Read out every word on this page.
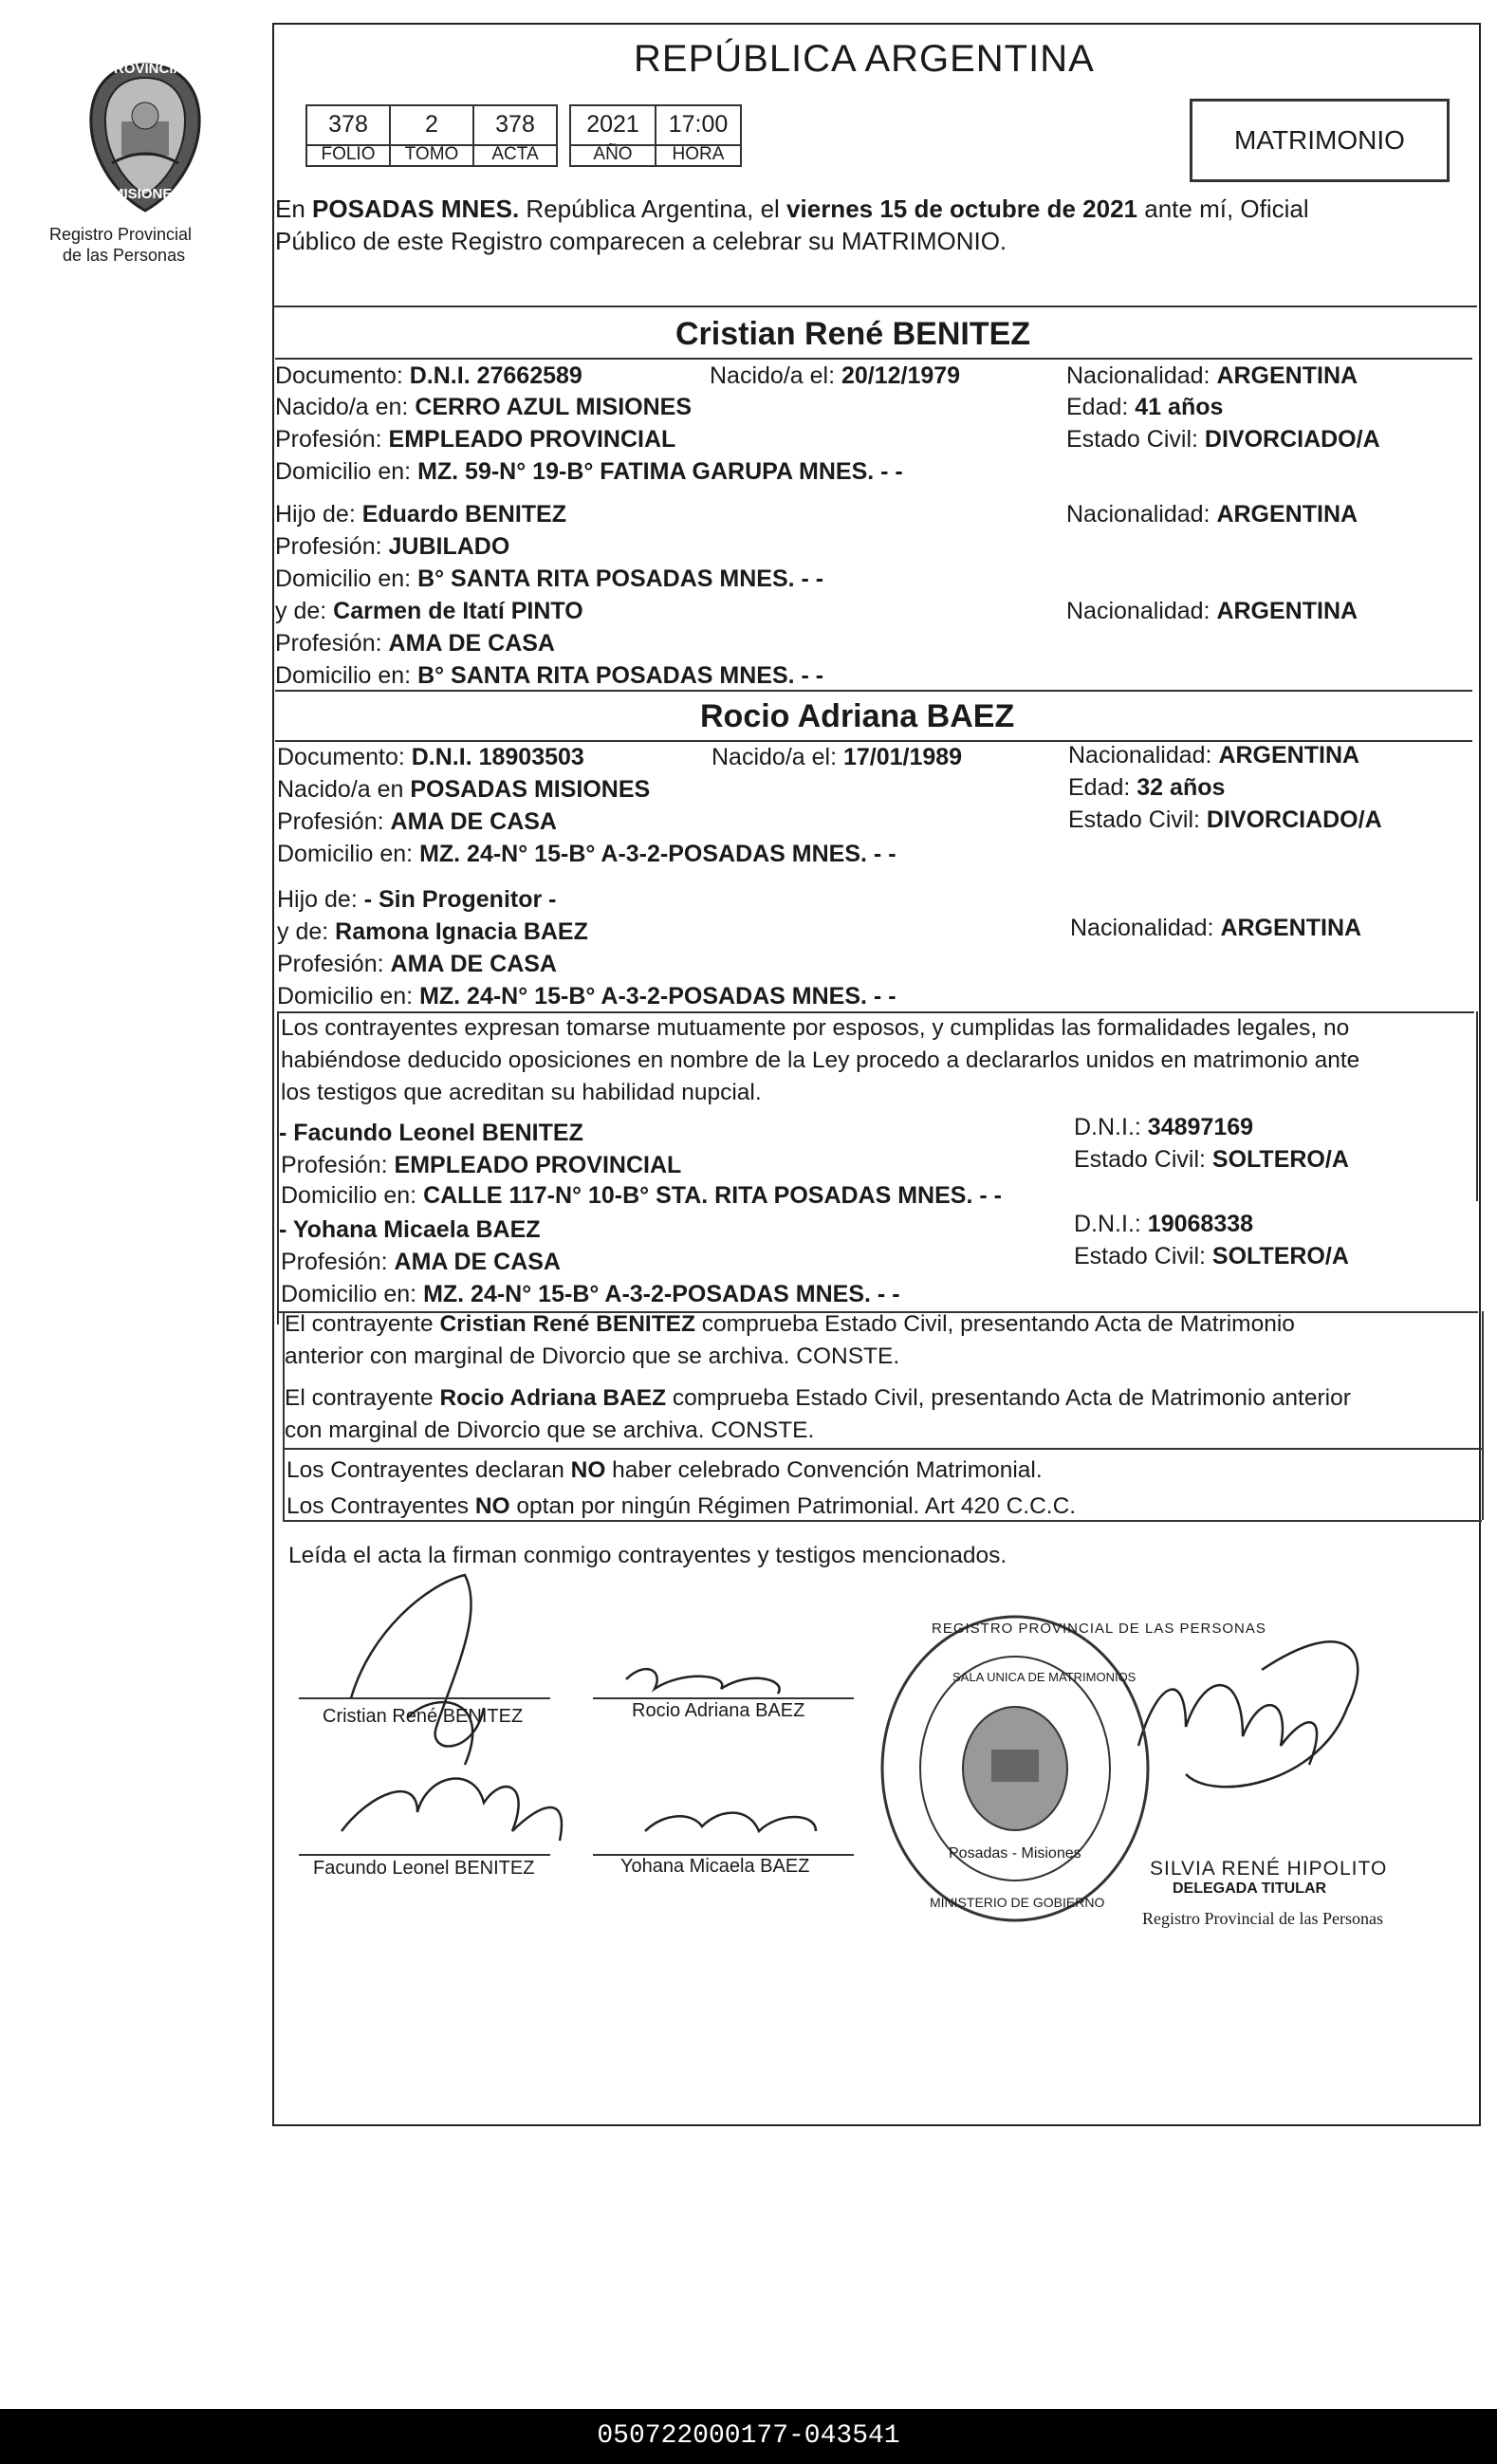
PROVINCIA DE
MISIONES
Registro Provincial
de las Personas
REPÚBLICA ARGENTINA
378	2	378	2021	17:00
FOLIO	TOMO	ACTA	AÑO	HORA	MATRIMONIO
En POSADAS MNES. República Argentina, el viernes 15 de octubre de 2021 ante mí, Oficial
Público de este Registro comparecen a celebrar su MATRIMONIO.
Cristian René BENITEZ
Documento: D.N.I. 27662589	Nacido/a el: 20/12/1979	Nacionalidad: ARGENTINA
Nacido/a en: CERRO AZUL MISIONES	Edad: 41 años
Profesión: EMPLEADO PROVINCIAL	Estado Civil: DIVORCIADO/A
Domicilio en: MZ. 59-N° 19-B° FATIMA GARUPA MNES. - -
Hijo de: Eduardo BENITEZ	Nacionalidad: ARGENTINA
Profesión: JUBILADO
Domicilio en: B° SANTA RITA POSADAS MNES. - -
y de: Carmen de Itatí PINTO	Nacionalidad: ARGENTINA
Profesión: AMA DE CASA
Domicilio en: B° SANTA RITA POSADAS MNES. - -
Rocio Adriana BAEZ
Documento: D.N.I. 18903503	Nacido/a el: 17/01/1989	Nacionalidad: ARGENTINA
Nacido/a en POSADAS MISIONES	Edad: 32 años
Profesión: AMA DE CASA	Estado Civil: DIVORCIADO/A
Domicilio en: MZ. 24-N° 15-B° A-3-2-POSADAS MNES. - -
Hijo de: - Sin Progenitor -
y de: Ramona Ignacia BAEZ	Nacionalidad: ARGENTINA
Profesión: AMA DE CASA
Domicilio en: MZ. 24-N° 15-B° A-3-2-POSADAS MNES. - -
Los contrayentes expresan tomarse mutuamente por esposos, y cumplidas las formalidades legales, no
habiéndose deducido oposiciones en nombre de la Ley procedo a declararlos unidos en matrimonio ante
los testigos que acreditan su habilidad nupcial.
- Facundo Leonel BENITEZ	D.N.I.: 34897169
Profesión: EMPLEADO PROVINCIAL	Estado Civil: SOLTERO/A
Domicilio en: CALLE 117-N° 10-B° STA. RITA POSADAS MNES. - -
- Yohana Micaela BAEZ	D.N.I.: 19068338
Profesión: AMA DE CASA	Estado Civil: SOLTERO/A
Domicilio en: MZ. 24-N° 15-B° A-3-2-POSADAS MNES. - -
El contrayente Cristian René BENITEZ comprueba Estado Civil, presentando Acta de Matrimonio
anterior con marginal de Divorcio que se archiva. CONSTE.
El contrayente Rocio Adriana BAEZ comprueba Estado Civil, presentando Acta de Matrimonio anterior
con marginal de Divorcio que se archiva. CONSTE.
Los Contrayentes declaran NO haber celebrado Convención Matrimonial.
Los Contrayentes NO optan por ningún Régimen Patrimonial. Art 420 C.C.C.
Leída el acta la firman conmigo contrayentes y testigos mencionados.
Cristian René BENITEZ	Rocio Adriana BAEZ
Facundo Leonel BENITEZ	Yohana Micaela BAEZ
REGISTRO PROVINCIAL DE LAS PERSONAS
SALA UNICA DE MATRIMONIOS
Posadas - Misiones
MINISTERIO DE GOBIERNO
SILVIA RENÉ HIPOLITO
DELEGADA TITULAR
Registro Provincial de las Personas
050722000177-043541
